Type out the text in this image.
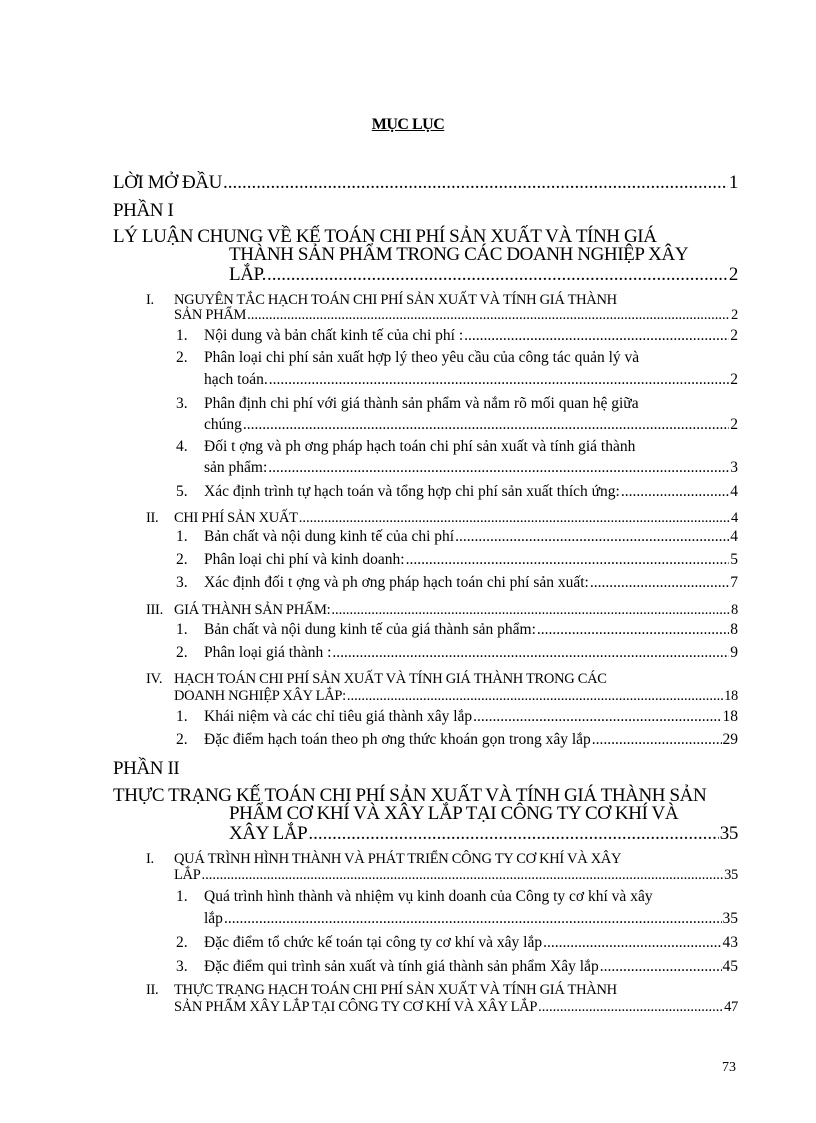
MỤC LỤC
LỜI MỞ ĐẦU .....	1
PHẦN I
LÝ LUẬN CHUNG VỀ KẾ TOÁN CHI PHÍ SẢN XUẤT VÀ TÍNH GIÁ
THÀNH SẢN PHẨM TRONG CÁC DOANH NGHIỆP XÂY
LẮP. .....	2
I. NGUYÊN TẮC HẠCH TOÁN CHI PHÍ SẢN XUẤT VÀ TÍNH GIÁ THÀNH
SẢN PHẨM .....	2
1. Nội dung và bản chất kinh tế của chi phí : .....	2
2. Phân loại chi phí sản xuất hợp lý theo yêu cầu của công tác quản lý và
hạch toán. .....	2
3. Phân định chi phí với giá thành sản phẩm và nắm rõ mối quan hệ giữa
chúng .....	2
4. Đối t ợng và ph ơng pháp hạch toán chi phí sản xuất và tính giá thành
sản phẩm: .....	3
5. Xác định trình tự hạch toán và tổng hợp chi phí sản xuất thích ứng: .....	4
II. CHI PHÍ SẢN XUẤT .....	4
1. Bản chất và nội dung kinh tế của chi phí .....	4
2. Phân loại chi phí và kinh doanh: .....	5
3. Xác định đối t ợng và ph ơng pháp hạch toán chi phí sản xuất: .....	7
III. GIÁ THÀNH SẢN PHẨM: .....	8
1. Bản chất và nội dung kinh tế của giá thành sản phẩm: .....	8
2. Phân loại giá thành : .....	9
IV. HẠCH TOÁN CHI PHÍ SẢN XUẤT VÀ TÍNH GIÁ THÀNH TRONG CÁC
DOANH NGHIỆP XÂY LẮP: .....	18
1. Khái niệm và các chỉ tiêu giá thành xây lắp .....	18
2. Đặc điểm hạch toán theo ph ơng thức khoán gọn trong xây lắp .....	29
PHẦN II
THỰC TRẠNG KẾ TOÁN CHI PHÍ SẢN XUẤT VÀ TÍNH GIÁ THÀNH SẢN
PHẨM CƠ KHÍ VÀ XÂY LẮP TẠI CÔNG TY CƠ KHÍ VÀ
XÂY LẮP .....	35
I. QUÁ TRÌNH HÌNH THÀNH VÀ PHÁT TRIỂN CÔNG TY CƠ KHÍ VÀ XÂY
LẮP .....	35
1. Quá trình hình thành và nhiệm vụ kinh doanh của Công ty cơ khí và xây
lắp .....	35
2. Đặc điểm tổ chức kế toán tại công ty cơ khí và xây lắp .....	43
3. Đặc điểm qui trình sản xuất và tính giá thành sản phẩm Xây lắp .....	45
II. THỰC TRẠNG HẠCH TOÁN CHI PHÍ SẢN XUẤT VÀ TÍNH GIÁ THÀNH
SẢN PHẨM XÂY LẮP TẠI CÔNG TY CƠ KHÍ VÀ XÂY LẮP .....	47
73
